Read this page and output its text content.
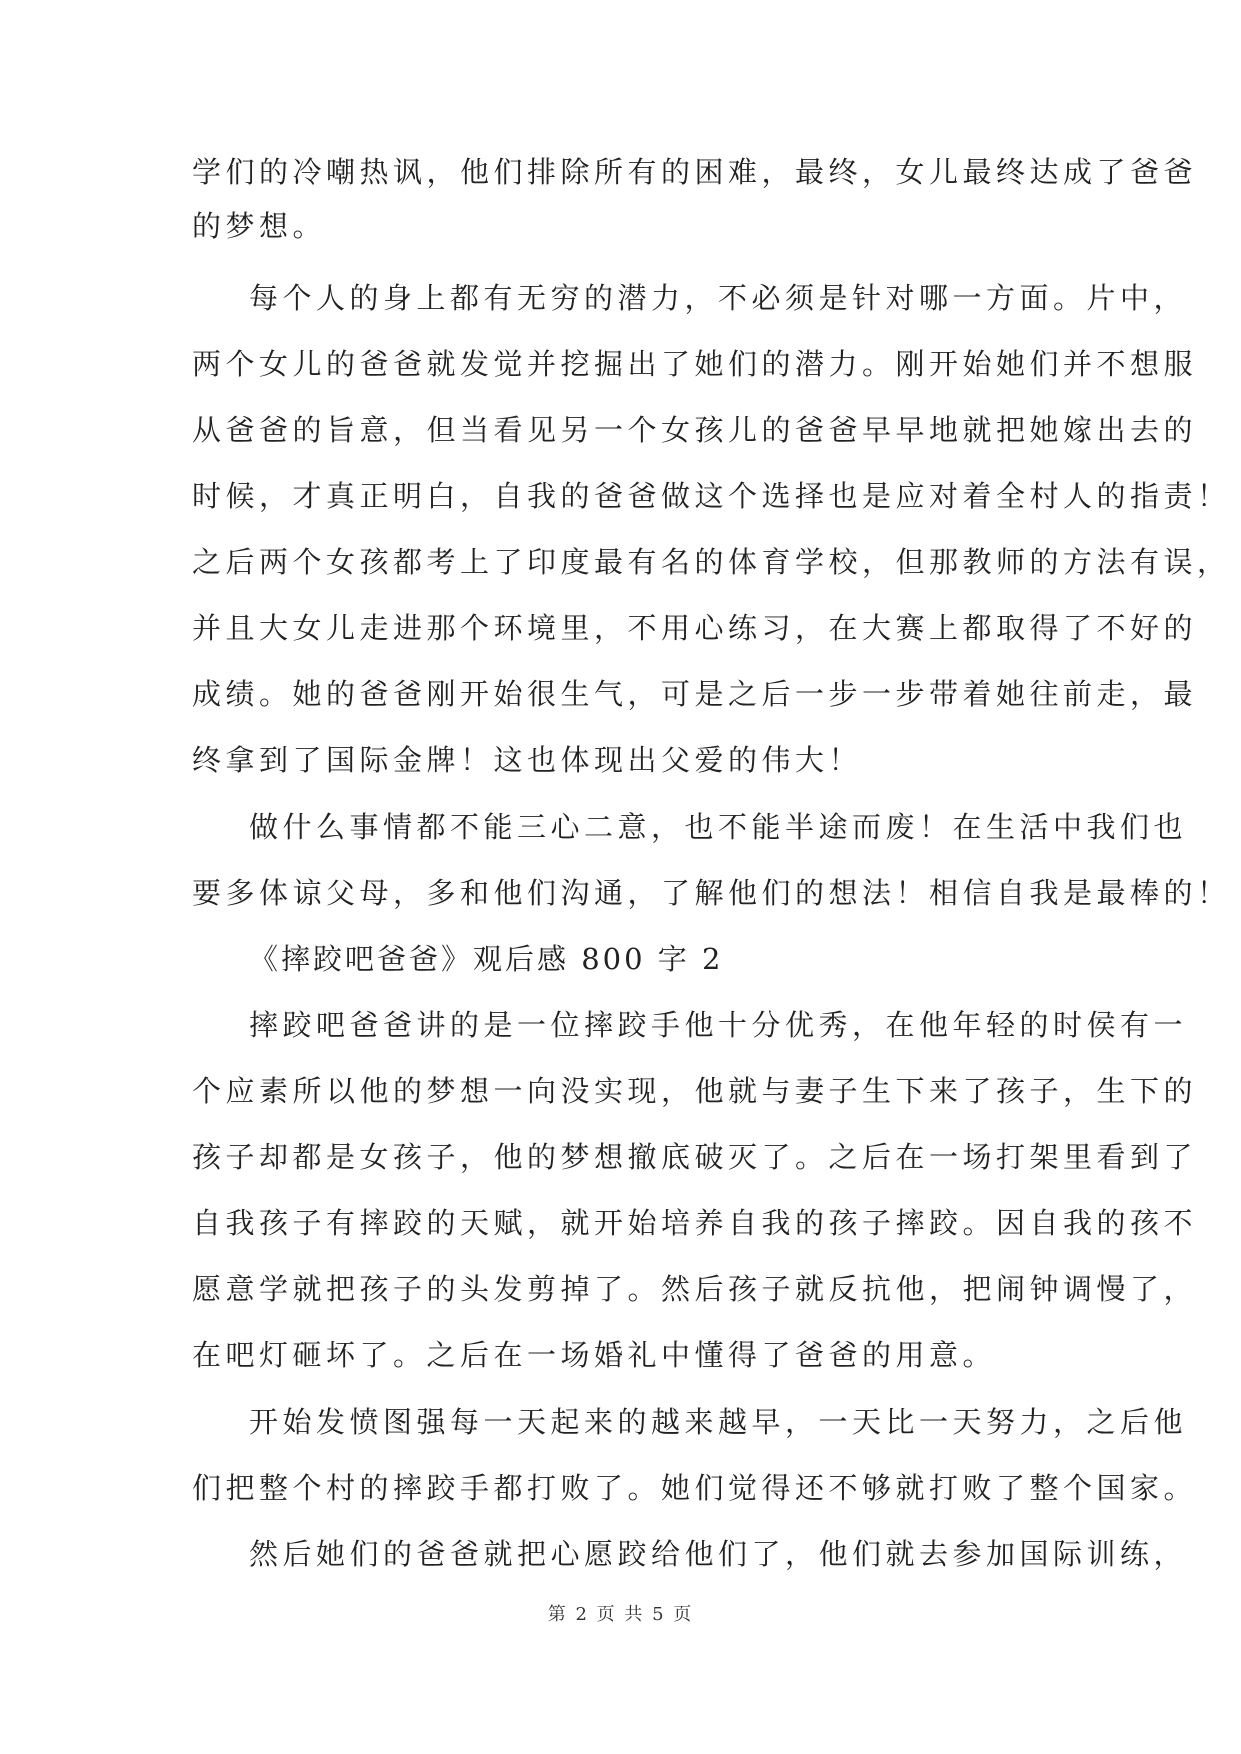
学们的冷嘲热讽，他们排除所有的困难，最终，女儿最终达成了爸爸
的梦想。
每个人的身上都有无穷的潜力，不必须是针对哪一方面。片中，
两个女儿的爸爸就发觉并挖掘出了她们的潜力。刚开始她们并不想服
从爸爸的旨意，但当看见另一个女孩儿的爸爸早早地就把她嫁出去的
时候，才真正明白，自我的爸爸做这个选择也是应对着全村人的指责！
之后两个女孩都考上了印度最有名的体育学校，但那教师的方法有误，
并且大女儿走进那个环境里，不用心练习，在大赛上都取得了不好的
成绩。她的爸爸刚开始很生气，可是之后一步一步带着她往前走，最
终拿到了国际金牌！这也体现出父爱的伟大！
做什么事情都不能三心二意，也不能半途而废！在生活中我们也
要多体谅父母，多和他们沟通，了解他们的想法！相信自我是最棒的！
《摔跤吧爸爸》观后感 800 字 2
摔跤吧爸爸讲的是一位摔跤手他十分优秀，在他年轻的时侯有一
个应素所以他的梦想一向没实现，他就与妻子生下来了孩子，生下的
孩子却都是女孩子，他的梦想撤底破灭了。之后在一场打架里看到了
自我孩子有摔跤的天赋，就开始培养自我的孩子摔跤。因自我的孩不
愿意学就把孩子的头发剪掉了。然后孩子就反抗他，把闹钟调慢了，
在吧灯砸坏了。之后在一场婚礼中懂得了爸爸的用意。
开始发愤图强每一天起来的越来越早，一天比一天努力，之后他
们把整个村的摔跤手都打败了。她们觉得还不够就打败了整个国家。
然后她们的爸爸就把心愿跤给他们了，他们就去参加国际训练，
第 2 页 共 5 页
